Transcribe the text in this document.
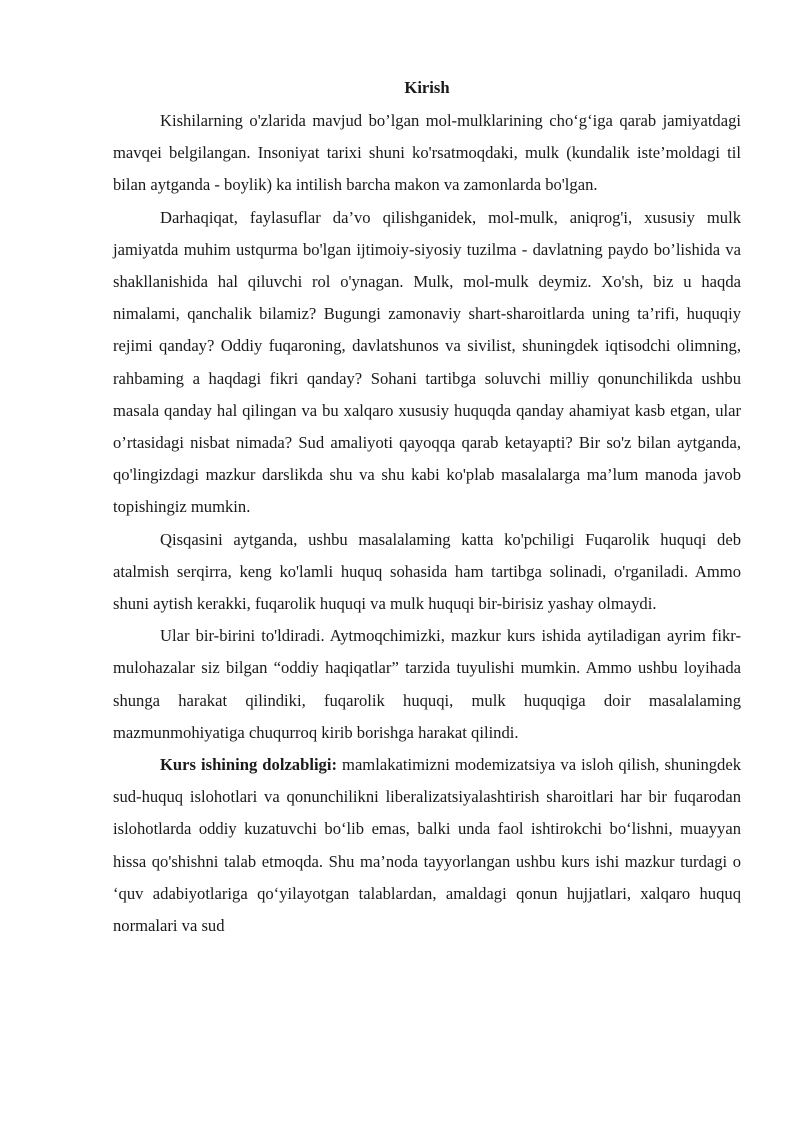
Kirish

Kishilarning o'zlarida mavjud bo’lgan mol-mulklarining cho‘g‘iga qarab jamiyatdagi mavqei belgilangan. Insoniyat tarixi shuni ko'rsatmoqdaki, mulk (kundalik iste’moldagi til bilan aytganda - boylik) ka intilish barcha makon va zamonlarda bo'lgan.

Darhaqiqat, faylasuflar da’vo qilishganidek, mol-mulk, aniqrog'i, xususiy mulk jamiyatda muhim ustqurma bo'lgan ijtimoiy-siyosiy tuzilma - davlatning paydo bo’lishida va shakllanishida hal qiluvchi rol o'ynagan. Mulk, mol-mulk deymiz. Xo'sh, biz u haqda nimalami, qanchalik bilamiz? Bugungi zamonaviy shart-sharoitlarda uning ta’rifi, huquqiy rejimi qanday? Oddiy fuqaroning, davlatshunos va sivilist, shuningdek iqtisodchi olimning, rahbaming a haqdagi fikri qanday? Sohani tartibga soluvchi milliy qonunchilikda ushbu masala qanday hal qilingan va bu xalqaro xususiy huquqda qanday ahamiyat kasb etgan, ular o’rtasidagi nisbat nimada? Sud amaliyoti qayoqqa qarab ketayapti? Bir so'z bilan aytganda, qo'lingizdagi mazkur darslikda shu va shu kabi ko'plab masalalarga ma’lum manoda javob topishingiz mumkin.

Qisqasini aytganda, ushbu masalalaming katta ko'pchiligi Fuqarolik huquqi deb atalmish serqirra, keng ko'lamli huquq sohasida ham tartibga solinadi, o'rganiladi. Ammo shuni aytish kerakki, fuqarolik huquqi va mulk huquqi bir-birisiz yashay olmaydi.

Ular bir-birini to'ldiradi. Aytmoqchimizki, mazkur kurs ishida aytiladigan ayrim fikr-mulohazalar siz bilgan “oddiy haqiqatlar” tarzida tuyulishi mumkin. Ammo ushbu loyihada shunga harakat qilindiki, fuqarolik huquqi, mulk huquqiga doir masalalaming mazmunmohiyatiga chuqurroq kirib borishga harakat qilindi.

Kurs ishining dolzabligi: mamlakatimizni modemizatsiya va isloh qilish, shuningdek sud-huquq islohotlari va qonunchilikni liberalizatsiyalashtirish sharoitlari har bir fuqarodan islohotlarda oddiy kuzatuvchi bo‘lib emas, balki unda faol ishtirokchi bo‘lishni, muayyan hissa qo'shishni talab etmoqda. Shu ma’noda tayyorlangan ushbu kurs ishi mazkur turdagi o ‘quv adabiyotlariga qo‘yilayotgan talablardan, amaldagi qonun hujjatlari, xalqaro huquq normalari va sud
